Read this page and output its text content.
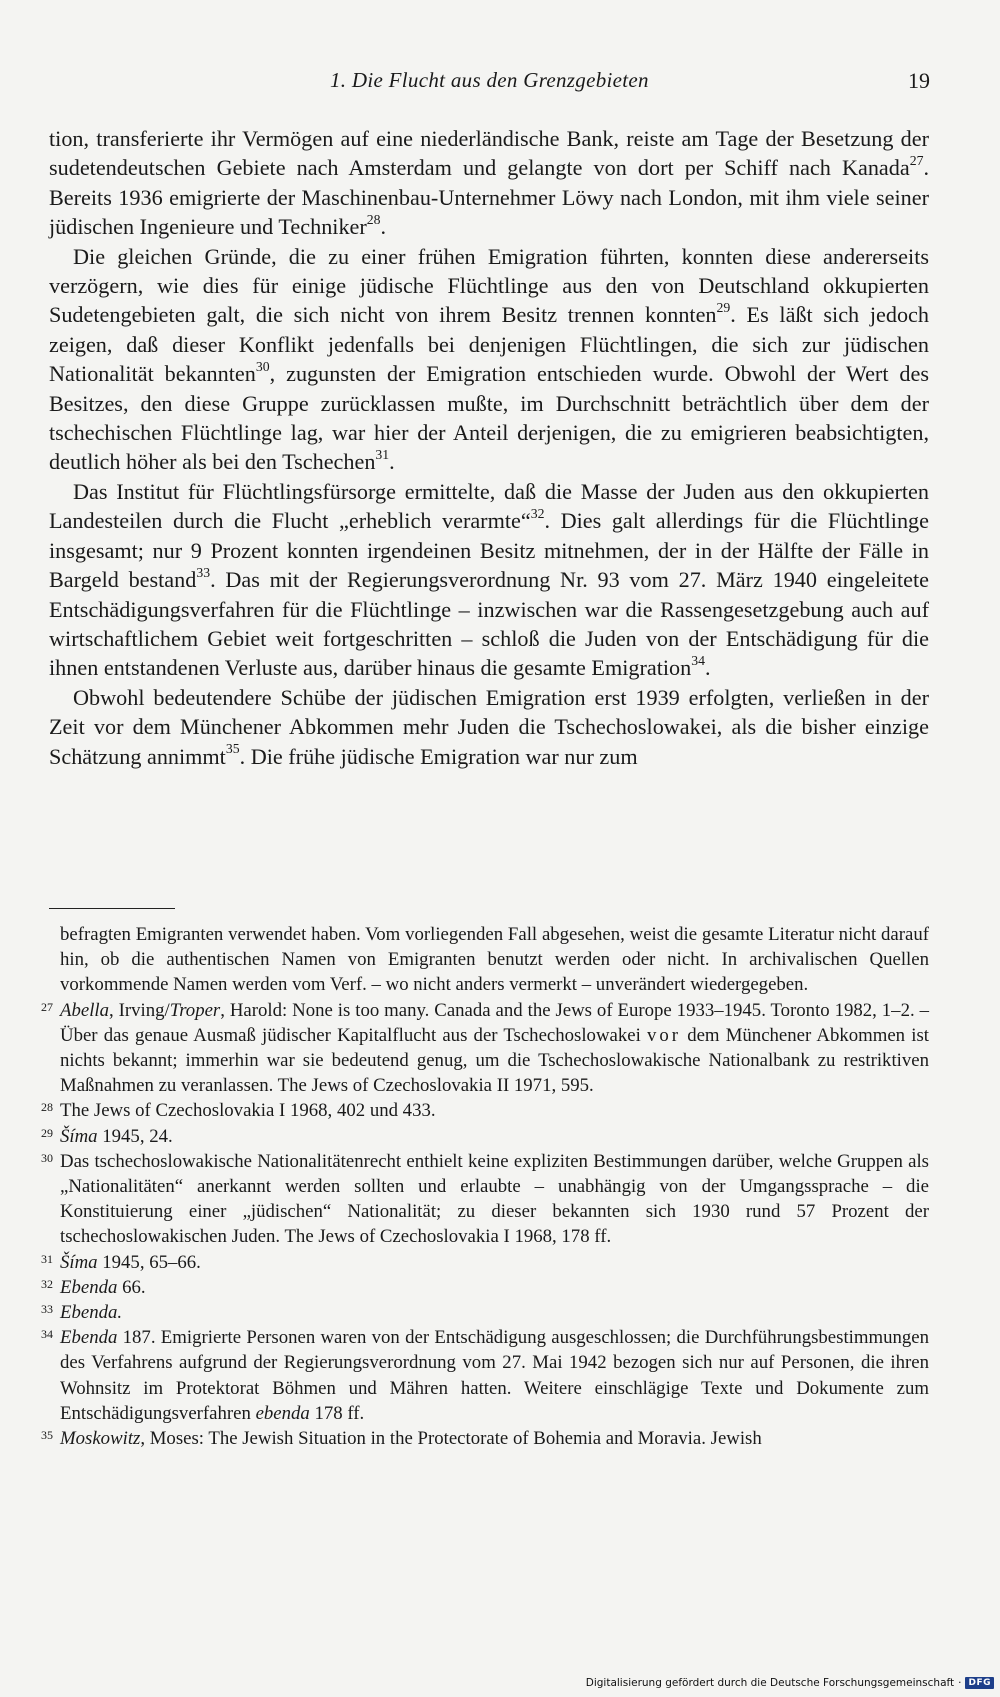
1. Die Flucht aus den Grenzgebieten	19

tion, transferierte ihr Vermögen auf eine niederländische Bank, reiste am Tage der Besetzung der sudetendeutschen Gebiete nach Amsterdam und gelangte von dort per Schiff nach Kanada$^{27}$. Bereits 1936 emigrierte der Maschinenbau-Unternehmer Löwy nach London, mit ihm viele seiner jüdischen Ingenieure und Techniker$^{28}$.

Die gleichen Gründe, die zu einer frühen Emigration führten, konnten diese andererseits verzögern, wie dies für einige jüdische Flüchtlinge aus den von Deutschland okkupierten Sudetengebieten galt, die sich nicht von ihrem Besitz trennen konnten$^{29}$. Es läßt sich jedoch zeigen, daß dieser Konflikt jedenfalls bei denjenigen Flüchtlingen, die sich zur jüdischen Nationalität bekannten$^{30}$, zugunsten der Emigration entschieden wurde. Obwohl der Wert des Besitzes, den diese Gruppe zurücklassen mußte, im Durchschnitt beträchtlich über dem der tschechischen Flüchtlinge lag, war hier der Anteil derjenigen, die zu emigrieren beabsichtigten, deutlich höher als bei den Tschechen$^{31}$.

Das Institut für Flüchtlingsfürsorge ermittelte, daß die Masse der Juden aus den okkupierten Landesteilen durch die Flucht „erheblich verarmte“$^{32}$. Dies galt allerdings für die Flüchtlinge insgesamt; nur 9 Prozent konnten irgendeinen Besitz mitnehmen, der in der Hälfte der Fälle in Bargeld bestand$^{33}$. Das mit der Regierungsverordnung Nr. 93 vom 27. März 1940 eingeleitete Entschädigungsverfahren für die Flüchtlinge – inzwischen war die Rassengesetzgebung auch auf wirtschaftlichem Gebiet weit fortgeschritten – schloß die Juden von der Entschädigung für die ihnen entstandenen Verluste aus, darüber hinaus die gesamte Emigration$^{34}$.

Obwohl bedeutendere Schübe der jüdischen Emigration erst 1939 erfolgten, verließen in der Zeit vor dem Münchener Abkommen mehr Juden die Tschechoslowakei, als die bisher einzige Schätzung annimmt$^{35}$. Die frühe jüdische Emigration war nur zum

befragten Emigranten verwendet haben. Vom vorliegenden Fall abgesehen, weist die gesamte Literatur nicht darauf hin, ob die authentischen Namen von Emigranten benutzt werden oder nicht. In archivalischen Quellen vorkommende Namen werden vom Verf. – wo nicht anders vermerkt – unverändert wiedergegeben.

27 Abella, Irving/Troper, Harold: None is too many. Canada and the Jews of Europe 1933–1945. Toronto 1982, 1–2. – Über das genaue Ausmaß jüdischer Kapitalflucht aus der Tschechoslowakei vor dem Münchener Abkommen ist nichts bekannt; immerhin war sie bedeutend genug, um die Tschechoslowakische Nationalbank zu restriktiven Maßnahmen zu veranlassen. The Jews of Czechoslovakia II 1971, 595.

28 The Jews of Czechoslovakia I 1968, 402 und 433.

29 Šíma 1945, 24.

30 Das tschechoslowakische Nationalitätenrecht enthielt keine expliziten Bestimmungen darüber, welche Gruppen als „Nationalitäten“ anerkannt werden sollten und erlaubte – unabhängig von der Umgangssprache – die Konstituierung einer „jüdischen“ Nationalität; zu dieser bekannten sich 1930 rund 57 Prozent der tschechoslowakischen Juden. The Jews of Czechoslovakia I 1968, 178 ff.

31 Šíma 1945, 65–66.

32 Ebenda 66.

33 Ebenda.

34 Ebenda 187. Emigrierte Personen waren von der Entschädigung ausgeschlossen; die Durchführungsbestimmungen des Verfahrens aufgrund der Regierungsverordnung vom 27. Mai 1942 bezogen sich nur auf Personen, die ihren Wohnsitz im Protektorat Böhmen und Mähren hatten. Weitere einschlägige Texte und Dokumente zum Entschädigungsverfahren ebenda 178 ff.

35 Moskowitz, Moses: The Jewish Situation in the Protectorate of Bohemia and Moravia. Jewish

Digitalisierung gefördert durch die Deutsche Forschungsgemeinschaft · DFG
